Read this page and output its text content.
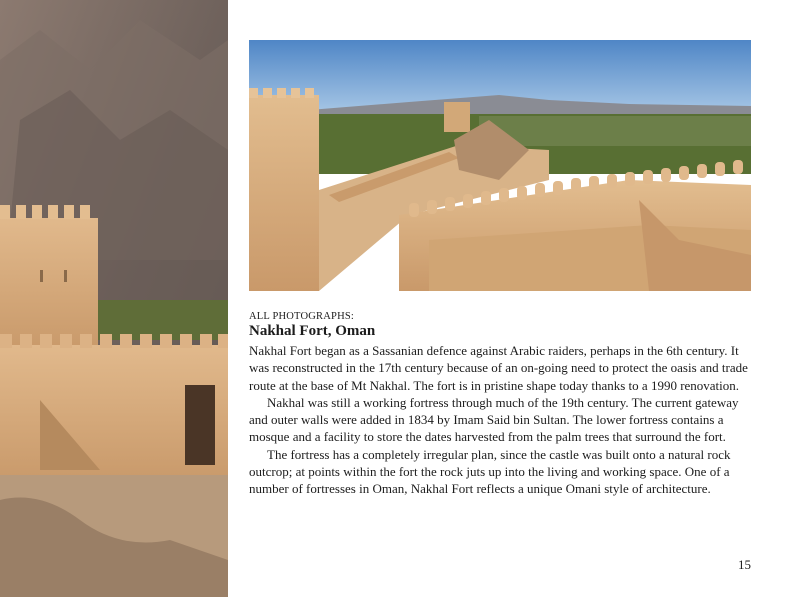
ALL PHOTOGRAPHS:
Nakhal Fort, Oman

Nakhal Fort began as a Sassanian defence against Arabic raiders, perhaps in the 6th century. It was reconstructed in the 17th century because of an on-going need to protect the oasis and trade route at the base of Mt Nakhal. The fort is in pristine shape today thanks to a 1990 renovation.

Nakhal was still a working fortress through much of the 19th century. The current gateway and outer walls were added in 1834 by Imam Said bin Sultan. The lower fortress contains a mosque and a facility to store the dates harvested from the palm trees that surround the fort.

The fortress has a completely irregular plan, since the castle was built onto a natural rock outcrop; at points within the fort the rock juts up into the living and working space. One of a number of fortresses in Oman, Nakhal Fort reflects a unique Omani style of architecture.

15
